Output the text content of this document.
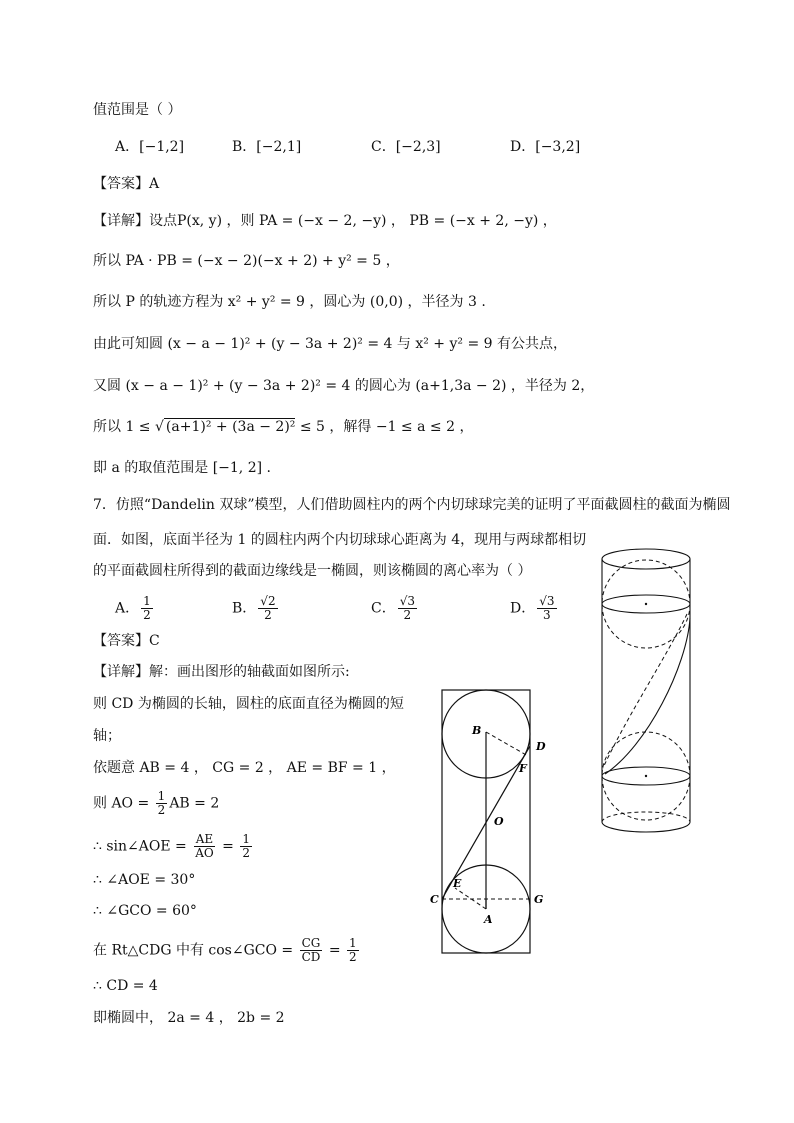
值范围是（ ）
A．[−1,2]	B．[−2,1]	C．[−2,3]	D．[−3,2]
【答案】A
【详解】设点P(x, y) ，则 PA = (−x − 2, −y) ， PB = (−x + 2, −y) ，
所以 PA · PB = (−x − 2)(−x + 2) + y² = 5 ，
所以 P 的轨迹方程为 x² + y² = 9 ，圆心为 (0,0) ，半径为 3 .
由此可知圆 (x − a − 1)² + (y − 3a + 2)² = 4 与 x² + y² = 9 有公共点，
又圆 (x − a − 1)² + (y − 3a + 2)² = 4 的圆心为 (a+1,3a − 2) ，半径为 2，
所以 1 ≤ √ (a+1)² + (3a − 2)² ≤ 5 ，解得 −1 ≤ a ≤ 2 ，
即 a 的取值范围是 [−1, 2] .
7．仿照“Dandelin 双球”模型，人们借助圆柱内的两个内切球球完美的证明了平面截圆柱的截面为椭圆
面．如图，底面半径为 1 的圆柱内两个内切球球心距离为 4，现用与两球都相切
的平面截圆柱所得到的截面边缘线是一椭圆，则该椭圆的离心率为（ ）
A． $\frac{1}{2}$	B． $\frac{√2}{2}$	C． $\frac{√3}{2}$	D． $\frac{√3}{3}$
【答案】C
【详解】解：画出图形的轴截面如图所示:
则 CD 为椭圆的长轴，圆柱的底面直径为椭圆的短
轴；
依题意 AB = 4 ， CG = 2 ， AE = BF = 1 ，
则 AO = $\frac{1}{2}$ AB = 2
∴ sin∠AOE = $\frac{AE}{AO} = \frac{1}{2}$
∴ ∠AOE = 30°
∴ ∠GCO = 60°
在 Rt△CDG 中有 cos∠GCO = $\frac{CG}{CD} = \frac{1}{2}$
∴ CD = 4
即椭圆中， 2a = 4 ， 2b = 2
B
D
F
O
E
C	G
A
